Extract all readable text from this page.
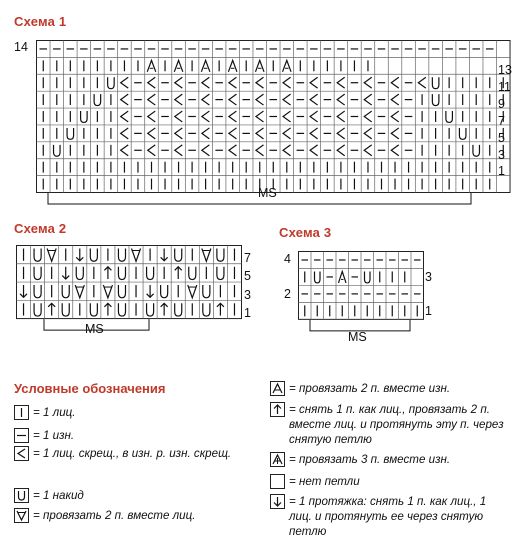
Схема 1
14
13
11
9
7
5
3
1
MS
Схема 2
7
5
3
1
MS
Схема 3
4
2
3
1
MS
Условные обозначения
= 1 лиц.
= 1 изн.
= 1 лиц. скрещ., в изн. р. изн. скрещ.
= 1 накид
= провязать 2 п. вместе лиц.
= провязать 2 п. вместе изн.
= снять 1 п. как лиц., провязать 2 п. вместе лиц. и протянуть эту п. через снятую петлю
= провязать 3 п. вместе изн.
= нет петли
= 1 протяжка: снять 1 п. как лиц., 1 лиц. и протянуть ее через снятую петлю
